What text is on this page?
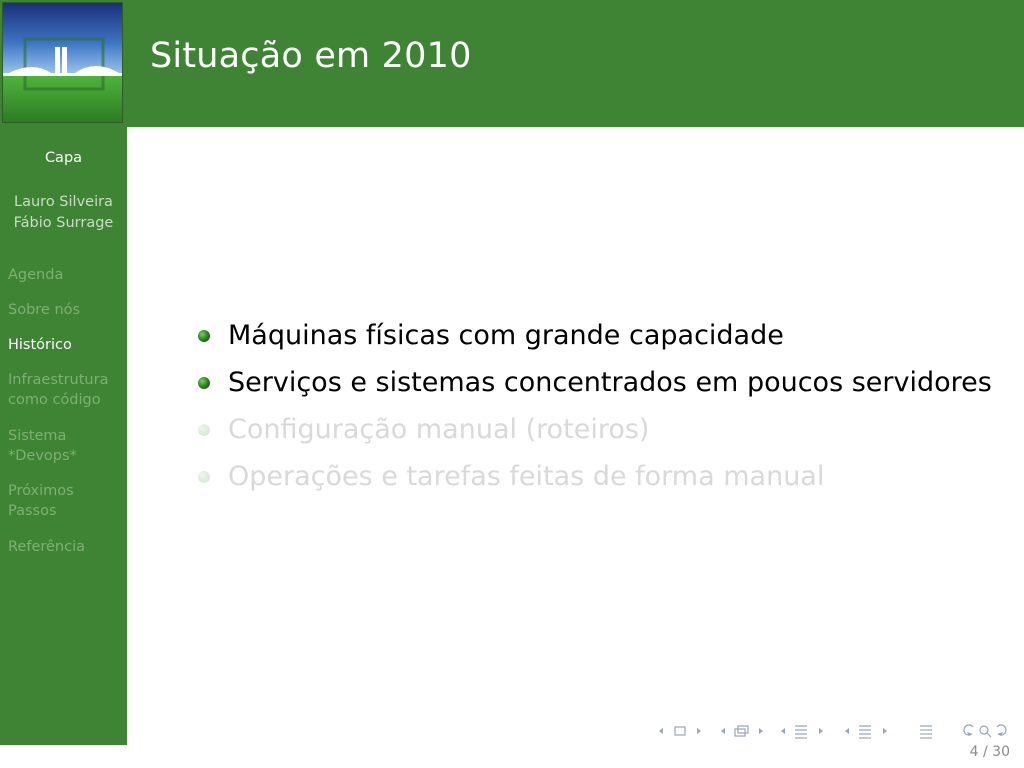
Situação em 2010
Capa
Lauro Silveira
Fábio Surrage
Agenda
Sobre nós
Histórico
Infraestrutura como código
Sistema *Devops*
Próximos Passos
Referência
Máquinas físicas com grande capacidade
Serviços e sistemas concentrados em poucos servidores
Configuração manual (roteiros)
Operações e tarefas feitas de forma manual
4 / 30
